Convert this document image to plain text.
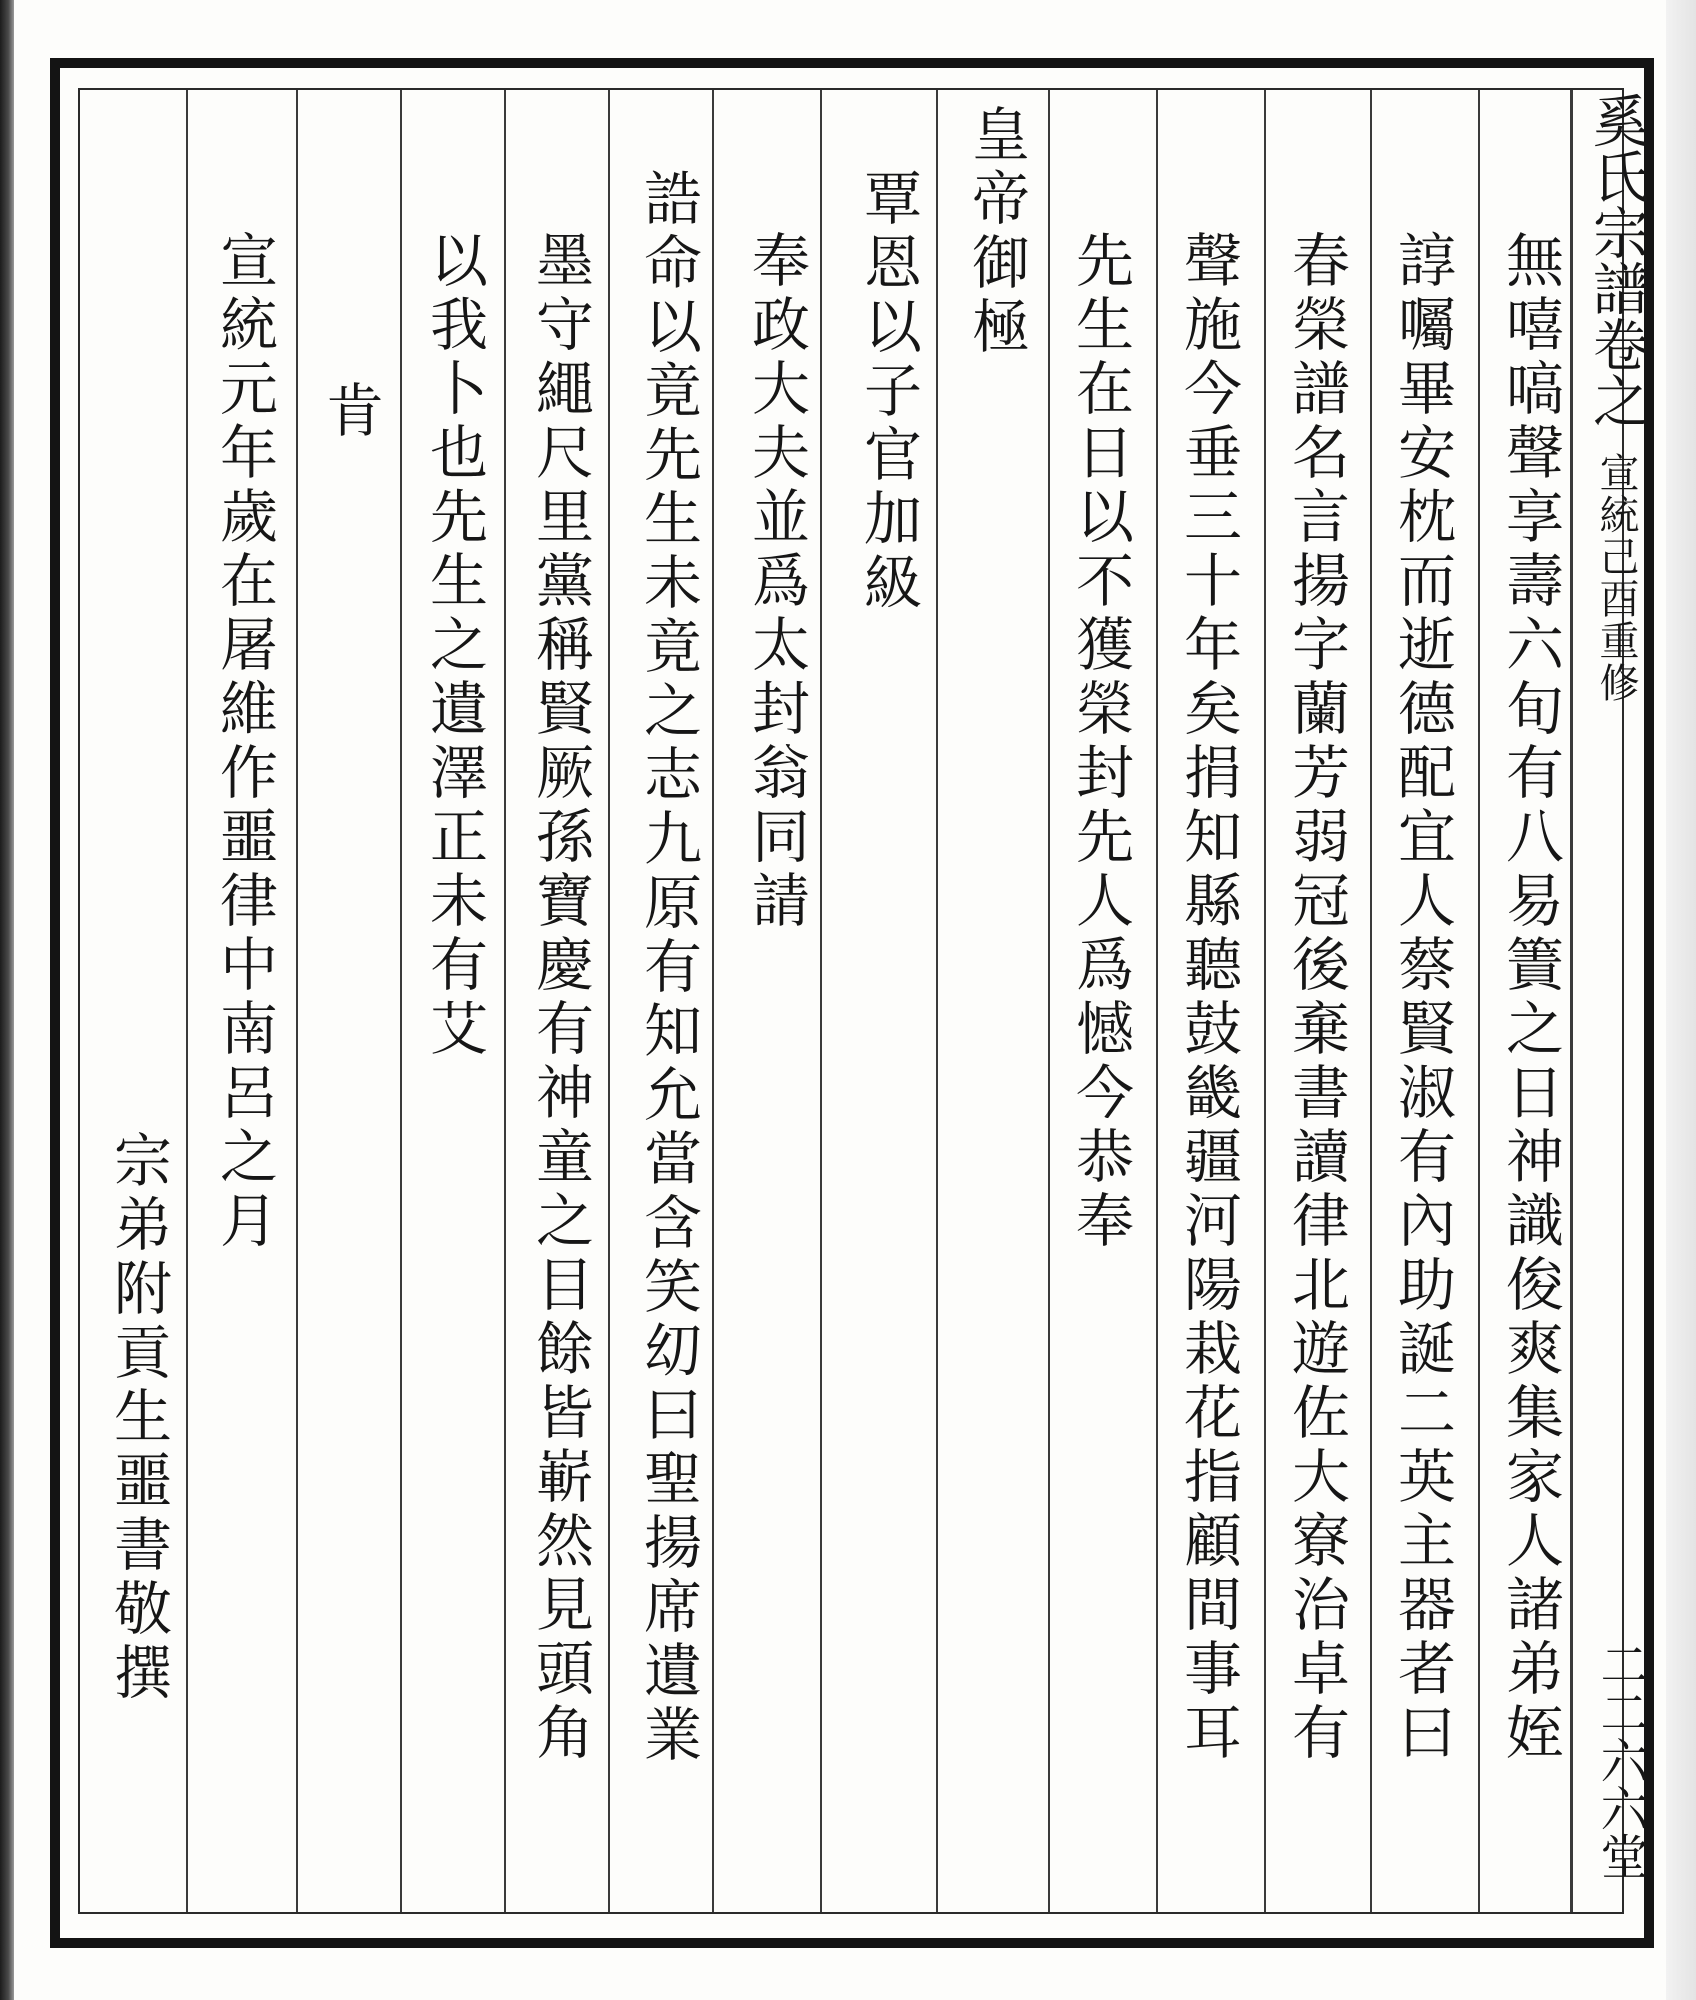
奚氏宗譜卷之宣統己酉重修
二二六六堂
無嘻嗃聲享壽六旬有八易簀之日神識俊爽集家人諸弟姪
諄囑畢安枕而逝德配宜人蔡賢淑有內助誕二英主器者曰
春榮譜名言揚字蘭芳弱冠後棄書讀律北遊佐大寮治卓有
聲施今垂三十年矣捐知縣聽鼓畿疆河陽栽花指顧間事耳
先生在日以不獲榮封先人爲憾今恭奉
皇帝御極
覃恩以子官加級
奉政大夫並爲太封翁同請
誥命以竟先生未竟之志九原有知允當含笑㓜曰聖揚席遺業
墨守繩尺里黨稱賢厥孫寶慶有神童之目餘皆嶄然見頭角
以我卜也先生之遺澤正未有艾
肯
宣統元年歲在屠維作噩律中南呂之月
宗弟附貢生噩書敬撰
